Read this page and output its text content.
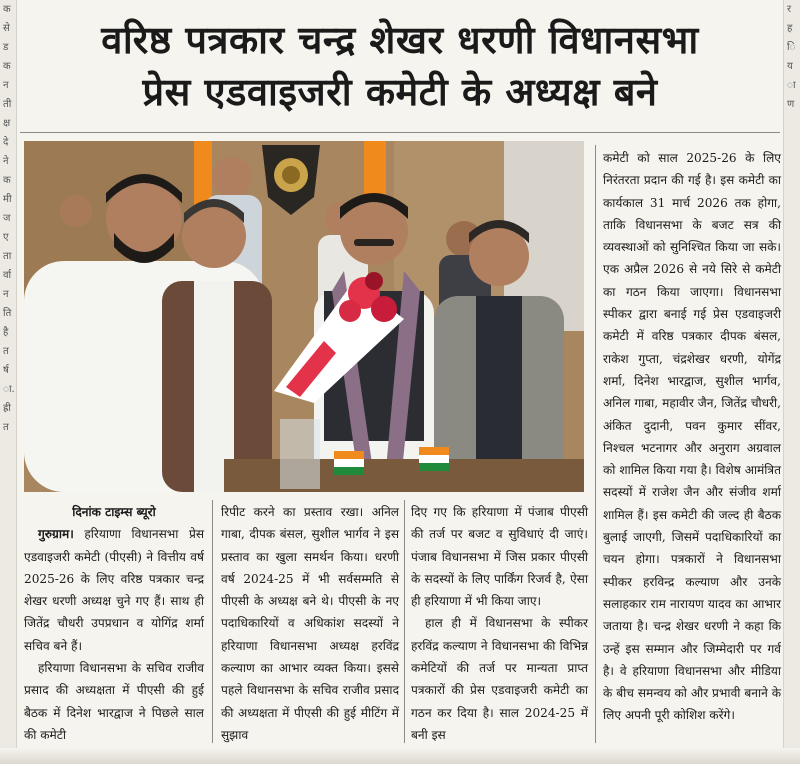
क
से
ड
क
न
ती
क्ष
दे
ने
क
मी
ज
ए
ता
र्वा
न
ति
है
त
र्ष
ा.
ह्री
त
र
ह
ि
य
ा
ण
वरिष्ठ पत्रकार चन्द्र शेखर धरणी विधानसभा
प्रेस एडवाइजरी कमेटी के अध्यक्ष बने

कमेटी को साल 2025-26 के लिए निरंतरता प्रदान की गई है। इस कमेटी का कार्यकाल 31 मार्च 2026 तक होगा, ताकि विधानसभा के बजट सत्र की व्यवस्थाओं को सुनिश्चित किया जा सके। एक अप्रैल 2026 से नये सिरे से कमेटी का गठन किया जाएगा। विधानसभा स्पीकर द्वारा बनाई गई प्रेस एडवाइजरी कमेटी में वरिष्ठ पत्रकार दीपक बंसल, राकेश गुप्ता, चंद्रशेखर धरणी, योगेंद्र शर्मा, दिनेश भारद्वाज, सुशील भार्गव, अनिल गाबा, महावीर जैन, जितेंद्र चौधरी, अंकित दुदानी, पवन कुमार सींवर, निश्चल भटनागर और अनुराग अग्रवाल को शामिल किया गया है। विशेष आमंत्रित सदस्यों में राजेश जैन और संजीव शर्मा शामिल हैं। इस कमेटी की जल्द ही बैठक बुलाई जाएगी, जिसमें पदाधिकारियों का चयन होगा। पत्रकारों ने विधानसभा स्पीकर हरविन्द्र कल्याण और उनके सलाहकार राम नारायण यादव का आभार जताया है। चन्द्र शेखर धरणी ने कहा कि उन्हें इस सम्मान और जिम्मेदारी पर गर्व है। वे हरियाणा विधानसभा और मीडिया के बीच समन्वय को और प्रभावी बनाने के लिए अपनी पूरी कोशिश करेंगे।

दिनांक टाइम्स ब्यूरो

गुरुग्राम। हरियाणा विधानसभा प्रेस एडवाइजरी कमेटी (पीएसी) ने वित्तीय वर्ष 2025-26 के लिए वरिष्ठ पत्रकार चन्द्र शेखर धरणी अध्यक्ष चुने गए हैं। साथ ही जितेंद्र चौधरी उपप्रधान व योगिंद्र शर्मा सचिव बने हैं।

हरियाणा विधानसभा के सचिव राजीव प्रसाद की अध्यक्षता में पीएसी की हुई बैठक में दिनेश भारद्वाज ने पिछले साल की कमेटी

रिपीट करने का प्रस्ताव रखा। अनिल गाबा, दीपक बंसल, सुशील भार्गव ने इस प्रस्ताव का खुला समर्थन किया। धरणी वर्ष 2024-25 में भी सर्वसम्मति से पीएसी के अध्यक्ष बने थे। पीएसी के नए पदाधिकारियों व अधिकांश सदस्यों ने हरियाणा विधानसभा अध्यक्ष हरविंद्र कल्याण का आभार व्यक्त किया। इससे पहले विधानसभा के सचिव राजीव प्रसाद की अध्यक्षता में पीएसी की हुई मीटिंग में सुझाव

दिए गए कि हरियाणा में पंजाब पीएसी की तर्ज पर बजट व सुविधाएं दी जाएं। पंजाब विधानसभा में जिस प्रकार पीएसी के सदस्यों के लिए पार्किंग रिजर्व है, ऐसा ही हरियाणा में भी किया जाए।

हाल ही में विधानसभा के स्पीकर हरविंद्र कल्याण ने विधानसभा की विभिन्न कमेटियों की तर्ज पर मान्यता प्राप्त पत्रकारों की प्रेस एडवाइजरी कमेटी का गठन कर दिया है। साल 2024-25 में बनी इस
